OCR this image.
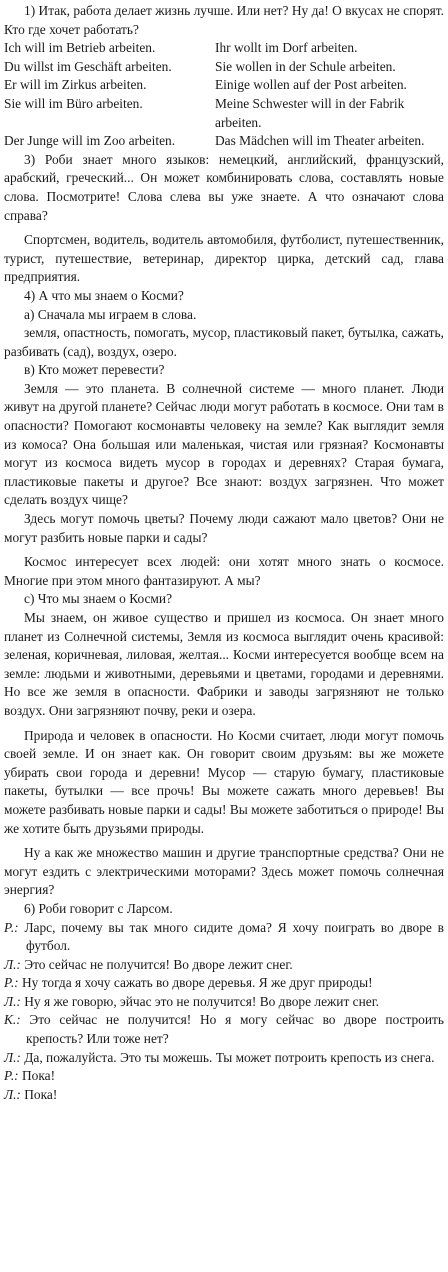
1) Итак, работа делает жизнь лучше. Или нет? Ну да! О вкусах не спорят. Кто где хочет работать?

Ich will im Betrieb arbeiten.	Ihr wollt im Dorf arbeiten.
Du willst im Geschäft arbeiten.	Sie wollen in der Schule arbeiten.
Er will im Zirkus arbeiten.	Einige wollen auf der Post arbeiten.
Sie will im Büro arbeiten.	Meine Schwester will in der Fabrik arbeiten.
Der Junge will im Zoo arbeiten.	Das Mädchen will im Theater arbeiten.

3) Роби знает много языков: немецкий, английский, французский, арабский, греческий... Он может комбинировать слова, составлять новые слова. Посмотрите! Слова слева вы уже знаете. А что означают слова справа?

Спортсмен, водитель, водитель автомобиля, футболист, путешественник, турист, путешествие, ветеринар, директор цирка, детский сад, глава предприятия.

4) А что мы знаем о Косми?

а) Сначала мы играем в слова.

земля, опастность, помогать, мусор, пластиковый пакет, бутылка, сажать, разбивать (сад), воздух, озеро.

в) Кто может перевести?

Земля — это планета. В солнечной системе — много планет. Люди живут на другой планете? Сейчас люди могут работать в космосе. Они там в опасности? Помогают космонавты человеку на земле? Как выглядит земля из комоса? Она большая или маленькая, чистая или грязная? Космонавты могут из космоса видеть мусор в городах и деревнях? Старая бумага, пластиковые пакеты и другое? Все знают: воздух загрязнен. Что может сделать воздух чище?

Здесь могут помочь цветы? Почему люди сажают мало цветов? Они не могут разбить новые парки и сады?

Космос интересует всех людей: они хотят много знать о космосе. Многие при этом много фантазируют. А мы?

с) Что мы знаем о Косми?

Мы знаем, он живое существо и пришел из космоса. Он знает много планет из Солнечной системы, Земля из космоса выглядит очень красивой: зеленая, коричневая, лиловая, желтая... Косми интересуется вообще всем на земле: людьми и животными, деревьями и цветами, городами и деревнями. Но все же земля в опасности. Фабрики и заводы загрязняют не только воздух. Они загрязняют почву, реки и озера.

Природа и человек в опасности. Но Косми считает, люди могут помочь своей земле. И он знает как. Он говорит своим друзьям: вы же можете убирать свои города и деревни! Мусор — старую бумагу, пластиковые пакеты, бутылки — все прочь! Вы можете сажать много деревьев! Вы можете разбивать новые парки и сады! Вы можете заботиться о природе! Вы же хотите быть друзьями природы.

Ну а как же множество машин и другие транспортные средства? Они не могут ездить с электрическими моторами? Здесь может помочь солнечная энергия?

6) Роби говорит с Ларсом.

Р.: Ларс, почему вы так много сидите дома? Я хочу поиграть во дворе в футбол.

Л.: Это сейчас не получится! Во дворе лежит снег.

Р.: Ну тогда я хочу сажать во дворе деревья. Я же друг природы!

Л.: Ну я же говорю, эйчас это не получится! Во дворе лежит снег.

К.: Это сейчас не получится! Но я могу сейчас во дворе построить крепость? Или тоже нет?

Л.: Да, пожалуйста. Это ты можешь. Ты может потроить крепость из снега.

Р.: Пока!

Л.: Пока!
